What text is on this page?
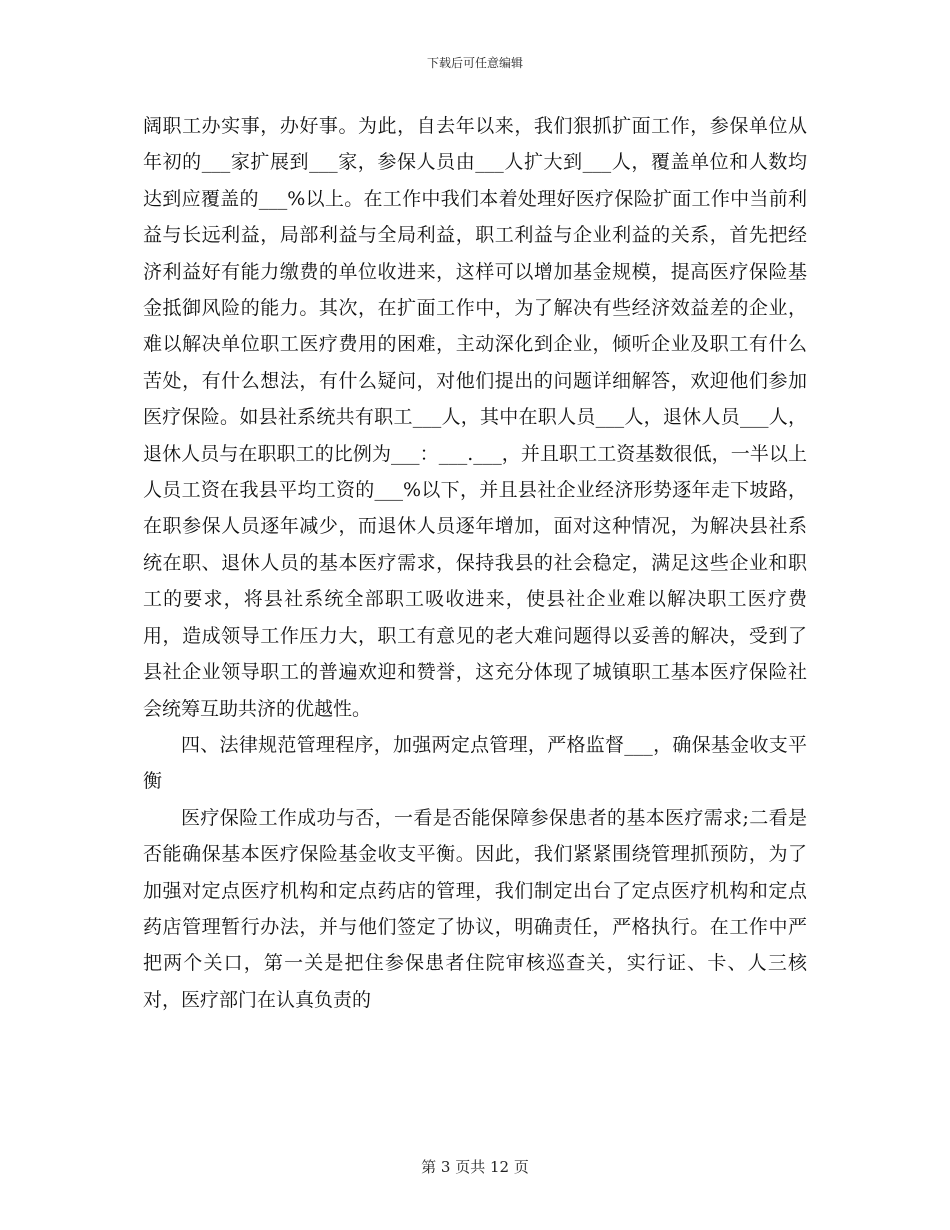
下载后可任意编辑

阔职工办实事，办好事。为此，自去年以来，我们狠抓扩面工作，参保单位从年初的___家扩展到___家，参保人员由___人扩大到___人，覆盖单位和人数均达到应覆盖的___%以上。在工作中我们本着处理好医疗保险扩面工作中当前利益与长远利益，局部利益与全局利益，职工利益与企业利益的关系，首先把经济利益好有能力缴费的单位收进来，这样可以增加基金规模，提高医疗保险基金抵御风险的能力。其次，在扩面工作中，为了解决有些经济效益差的企业，难以解决单位职工医疗费用的困难，主动深化到企业，倾听企业及职工有什么苦处，有什么想法，有什么疑问，对他们提出的问题详细解答，欢迎他们参加医疗保险。如县社系统共有职工___人，其中在职人员___人，退休人员___人，退休人员与在职职工的比例为___：___.___，并且职工工资基数很低，一半以上人员工资在我县平均工资的___%以下，并且县社企业经济形势逐年走下坡路，在职参保人员逐年减少，而退休人员逐年增加，面对这种情况，为解决县社系统在职、退休人员的基本医疗需求，保持我县的社会稳定，满足这些企业和职工的要求，将县社系统全部职工吸收进来，使县社企业难以解决职工医疗费用，造成领导工作压力大，职工有意见的老大难问题得以妥善的解决，受到了县社企业领导职工的普遍欢迎和赞誉，这充分体现了城镇职工基本医疗保险社会统筹互助共济的优越性。

四、法律规范管理程序，加强两定点管理，严格监督___，确保基金收支平衡

医疗保险工作成功与否，一看是否能保障参保患者的基本医疗需求;二看是否能确保基本医疗保险基金收支平衡。因此，我们紧紧围绕管理抓预防，为了加强对定点医疗机构和定点药店的管理，我们制定出台了定点医疗机构和定点药店管理暂行办法，并与他们签定了协议，明确责任，严格执行。在工作中严把两个关口，第一关是把住参保患者住院审核巡查关，实行证、卡、人三核对，医疗部门在认真负责的

第 3 页共 12 页
